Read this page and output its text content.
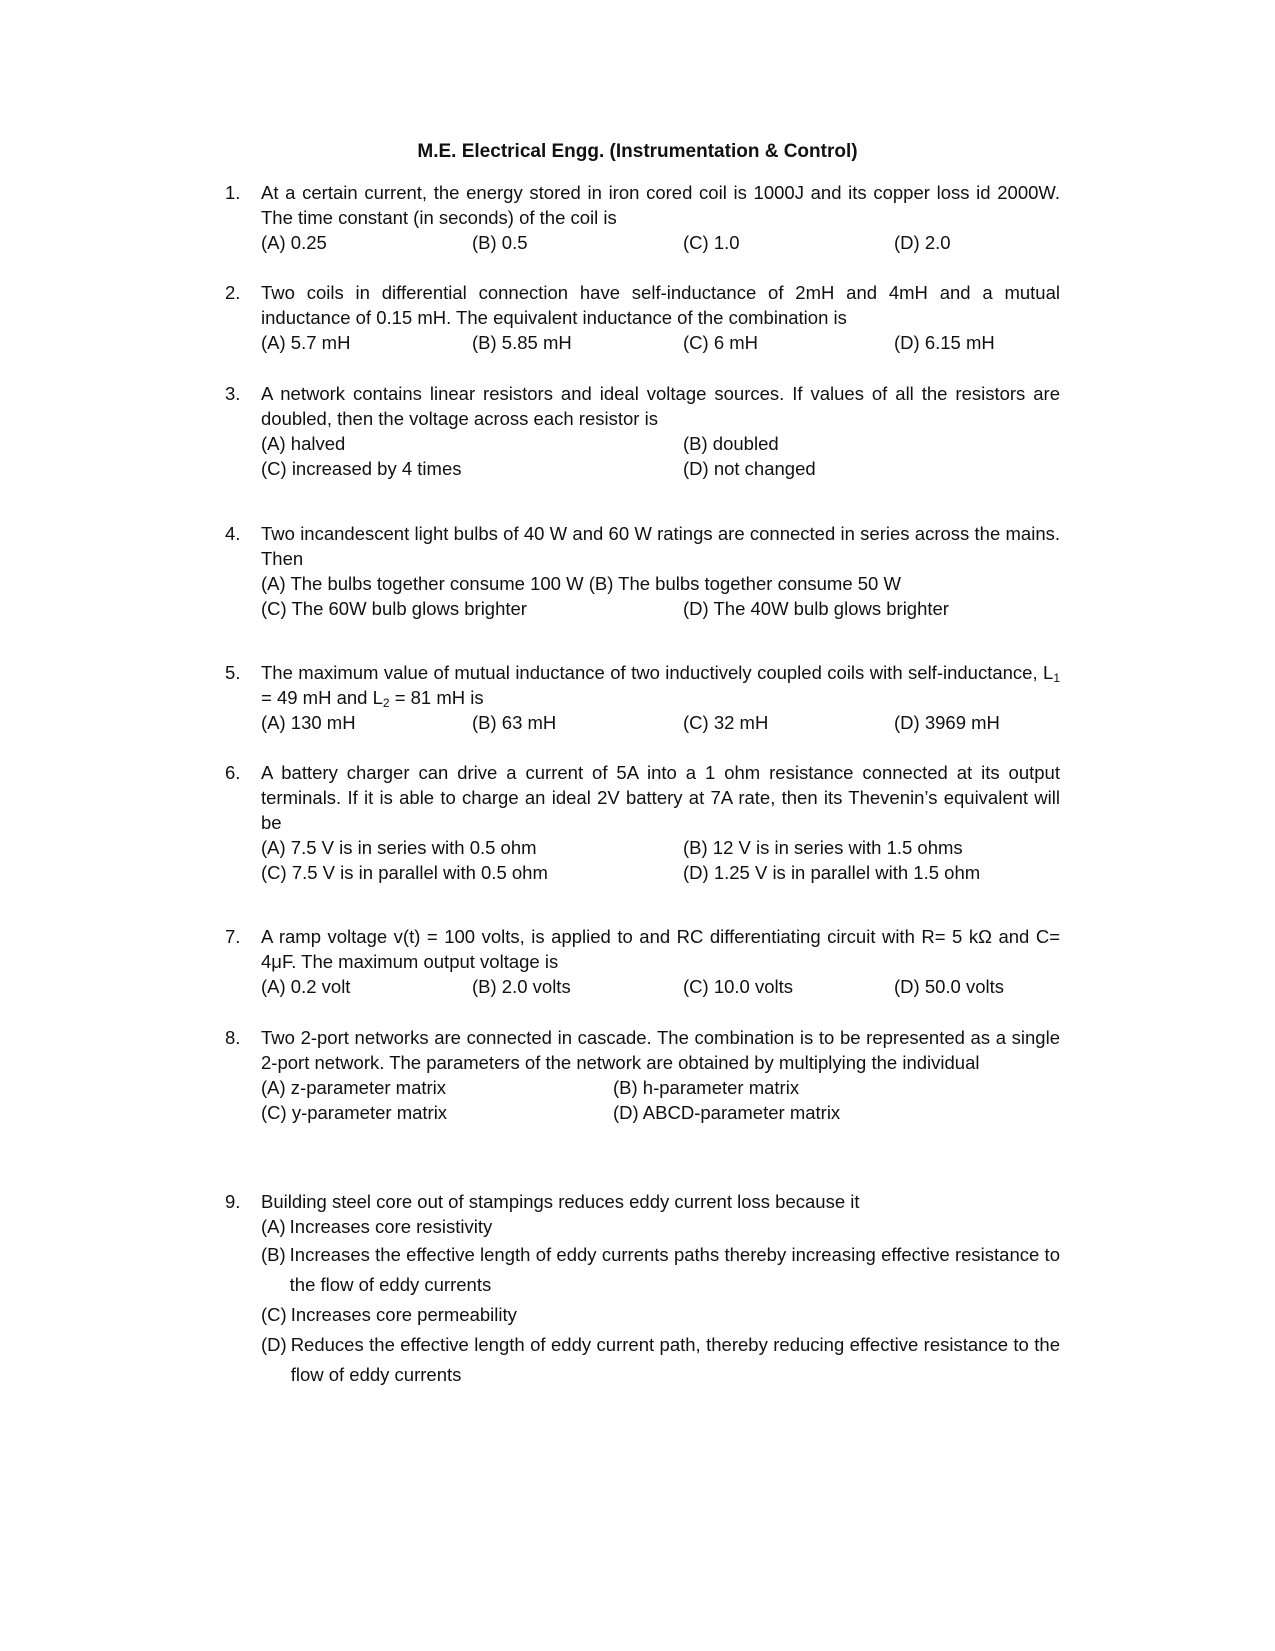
M.E. Electrical Engg. (Instrumentation & Control)
1.	At a certain current, the energy stored in iron cored coil is 1000J and its copper loss id 2000W. The time constant (in seconds) of the coil is
(A) 0.25	(B) 0.5	(C) 1.0	(D) 2.0
2.	Two coils in differential connection have self-inductance of 2mH and 4mH and a mutual inductance of 0.15 mH. The equivalent inductance of the combination is
(A) 5.7 mH	(B) 5.85 mH	(C) 6 mH	(D) 6.15 mH
3.	A network contains linear resistors and ideal voltage sources. If values of all the resistors are doubled, then the voltage across each resistor is
(A) halved	(B) doubled
(C) increased by 4 times	(D) not changed
4.	Two incandescent light bulbs of 40 W and 60 W ratings are connected in series across the mains. Then
(A) The bulbs together consume 100 W (B) The bulbs together consume 50 W
(C) The 60W bulb glows brighter	(D) The 40W bulb glows brighter
5.	The maximum value of mutual inductance of two inductively coupled coils with self-inductance, $L_1 = 49$ mH and $L_2 = 81$ mH is
(A) 130 mH	(B) 63 mH	(C) 32 mH	(D) 3969 mH
6.	A battery charger can drive a current of 5A into a 1 ohm resistance connected at its output terminals. If it is able to charge an ideal 2V battery at 7A rate, then its Thevenin’s equivalent will be
(A) 7.5 V is in series with 0.5 ohm	(B) 12 V is in series with 1.5 ohms
(C) 7.5 V is in parallel with 0.5 ohm	(D) 1.25 V is in parallel with 1.5 ohm
7.	A ramp voltage v(t) = 100 volts, is applied to and RC differentiating circuit with R= 5 kΩ and C= 4μF. The maximum output voltage is
(A) 0.2 volt	(B) 2.0 volts	(C) 10.0 volts	(D) 50.0 volts
8.	Two 2-port networks are connected in cascade. The combination is to be represented as a single 2-port network. The parameters of the network are obtained by multiplying the individual
(A) z-parameter matrix	(B) h-parameter matrix
(C) y-parameter matrix	(D) ABCD-parameter matrix
9.	Building steel core out of stampings reduces eddy current loss because it
(A) Increases core resistivity
(B) Increases the effective length of eddy currents paths thereby increasing effective resistance to the flow of eddy currents
(C) Increases core permeability
(D) Reduces the effective length of eddy current path, thereby reducing effective resistance to the flow of eddy currents
